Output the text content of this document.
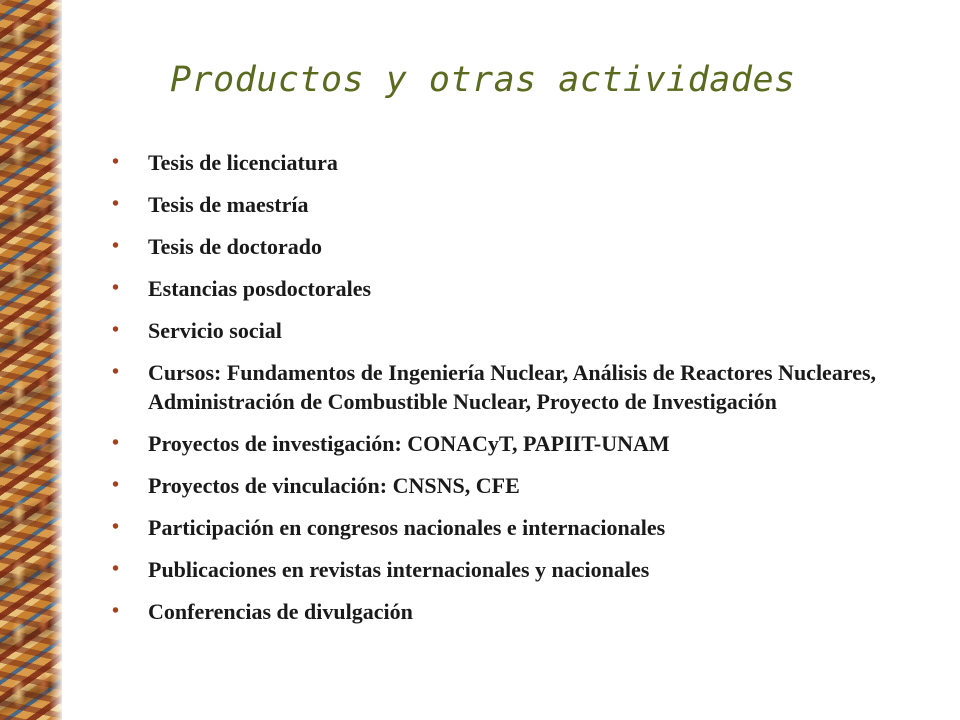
Productos y otras actividades
•	Tesis de licenciatura
•	Tesis de maestría
•	Tesis de doctorado
•	Estancias posdoctorales
•	Servicio social
•	Cursos: Fundamentos de Ingeniería Nuclear, Análisis de Reactores Nucleares, Administración de Combustible Nuclear, Proyecto de Investigación
•	Proyectos de investigación: CONACyT, PAPIIT-UNAM
•	Proyectos de vinculación: CNSNS, CFE
•	Participación en congresos nacionales e internacionales
•	Publicaciones en revistas internacionales y nacionales
•	Conferencias de divulgación
